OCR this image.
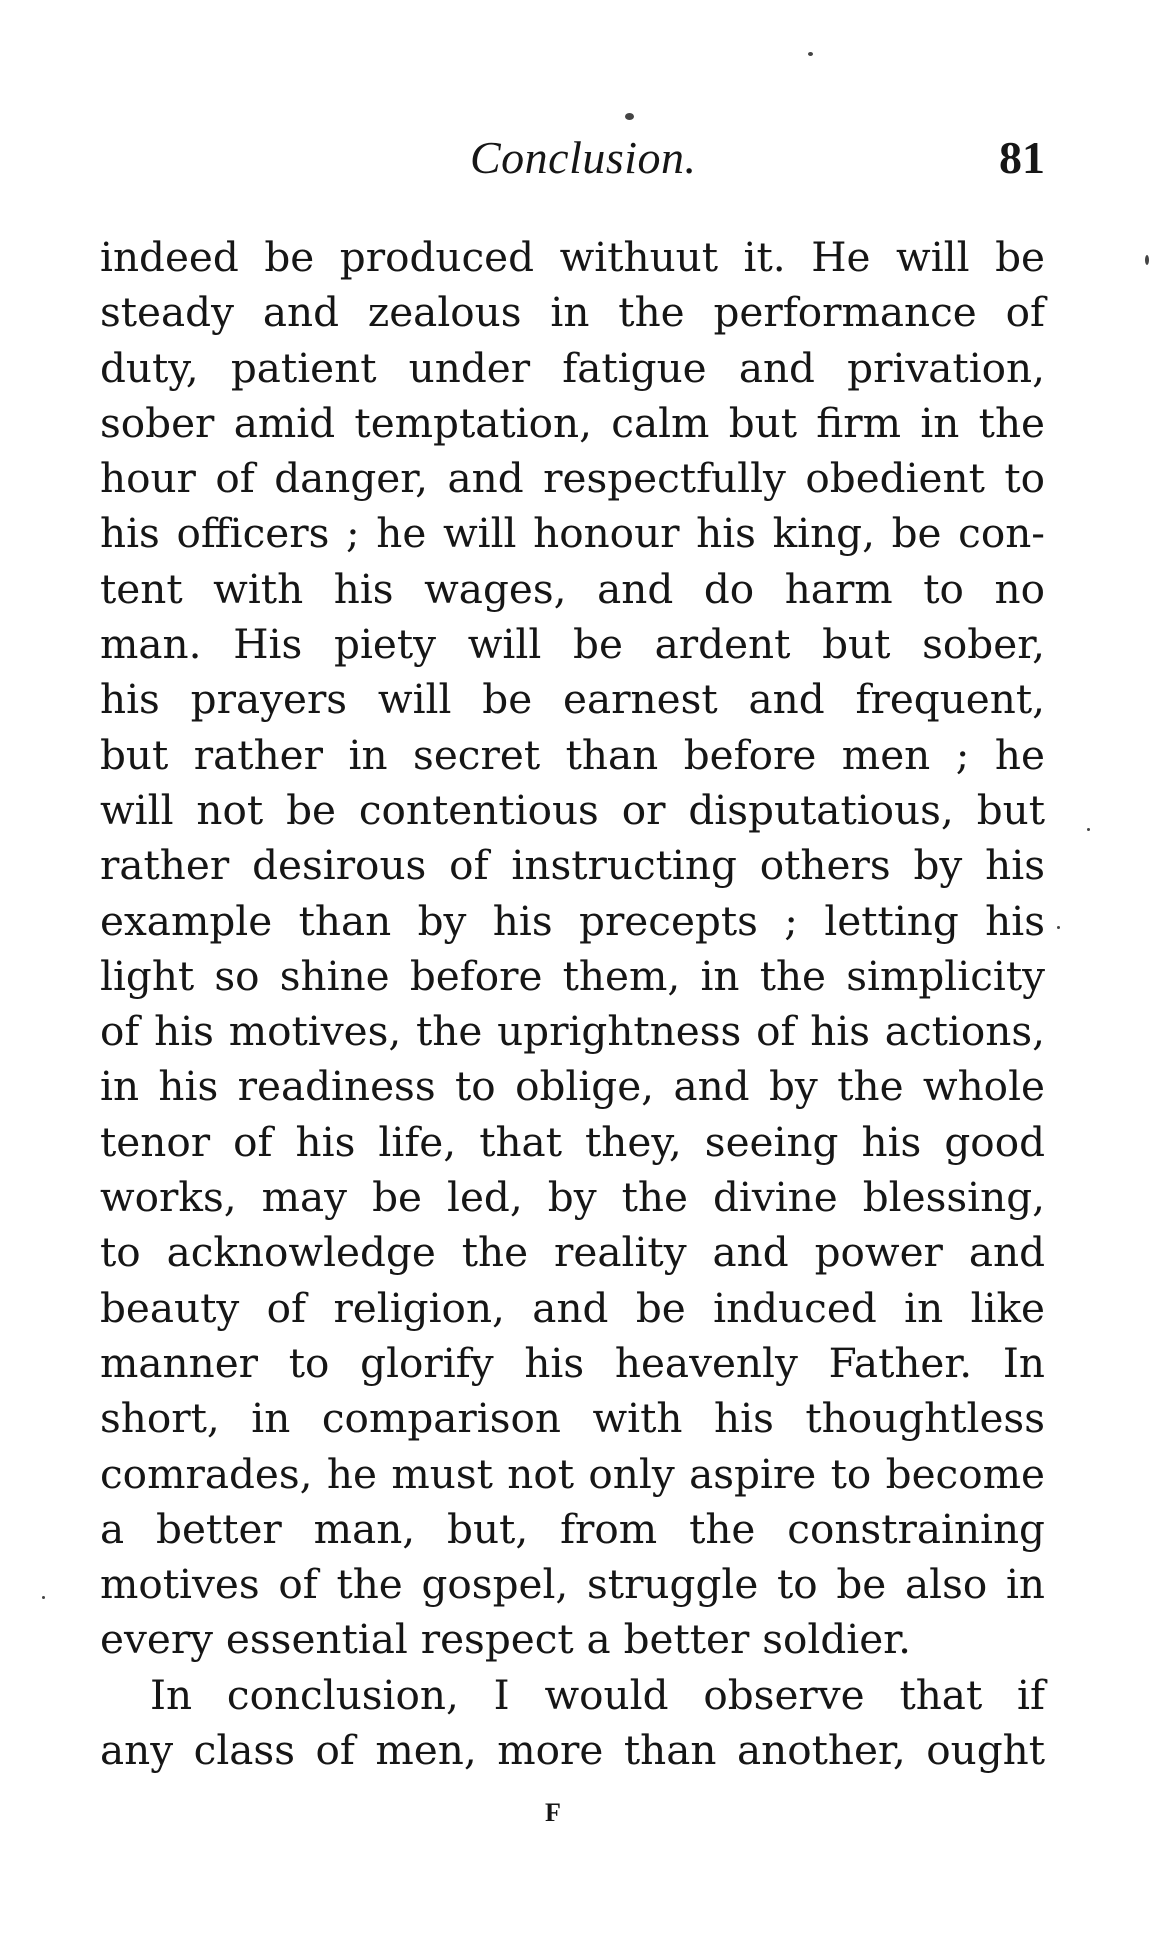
Conclusion.	81
indeed be produced withuut it. He will be
steady and zealous in the performance of
duty, patient under fatigue and privation,
sober amid temptation, calm but firm in the
hour of danger, and respectfully obedient to
his officers ; he will honour his king, be con-
tent with his wages, and do harm to no
man. His piety will be ardent but sober,
his prayers will be earnest and frequent,
but rather in secret than before men ; he
will not be contentious or disputatious, but
rather desirous of instructing others by his
example than by his precepts ; letting his
light so shine before them, in the simplicity
of his motives, the uprightness of his actions,
in his readiness to oblige, and by the whole
tenor of his life, that they, seeing his good
works, may be led, by the divine blessing,
to acknowledge the reality and power and
beauty of religion, and be induced in like
manner to glorify his heavenly Father. In
short, in comparison with his thoughtless
comrades, he must not only aspire to become
a better man, but, from the constraining
motives of the gospel, struggle to be also in
every essential respect a better soldier.
In conclusion, I would observe that if
any class of men, more than another, ought
F
